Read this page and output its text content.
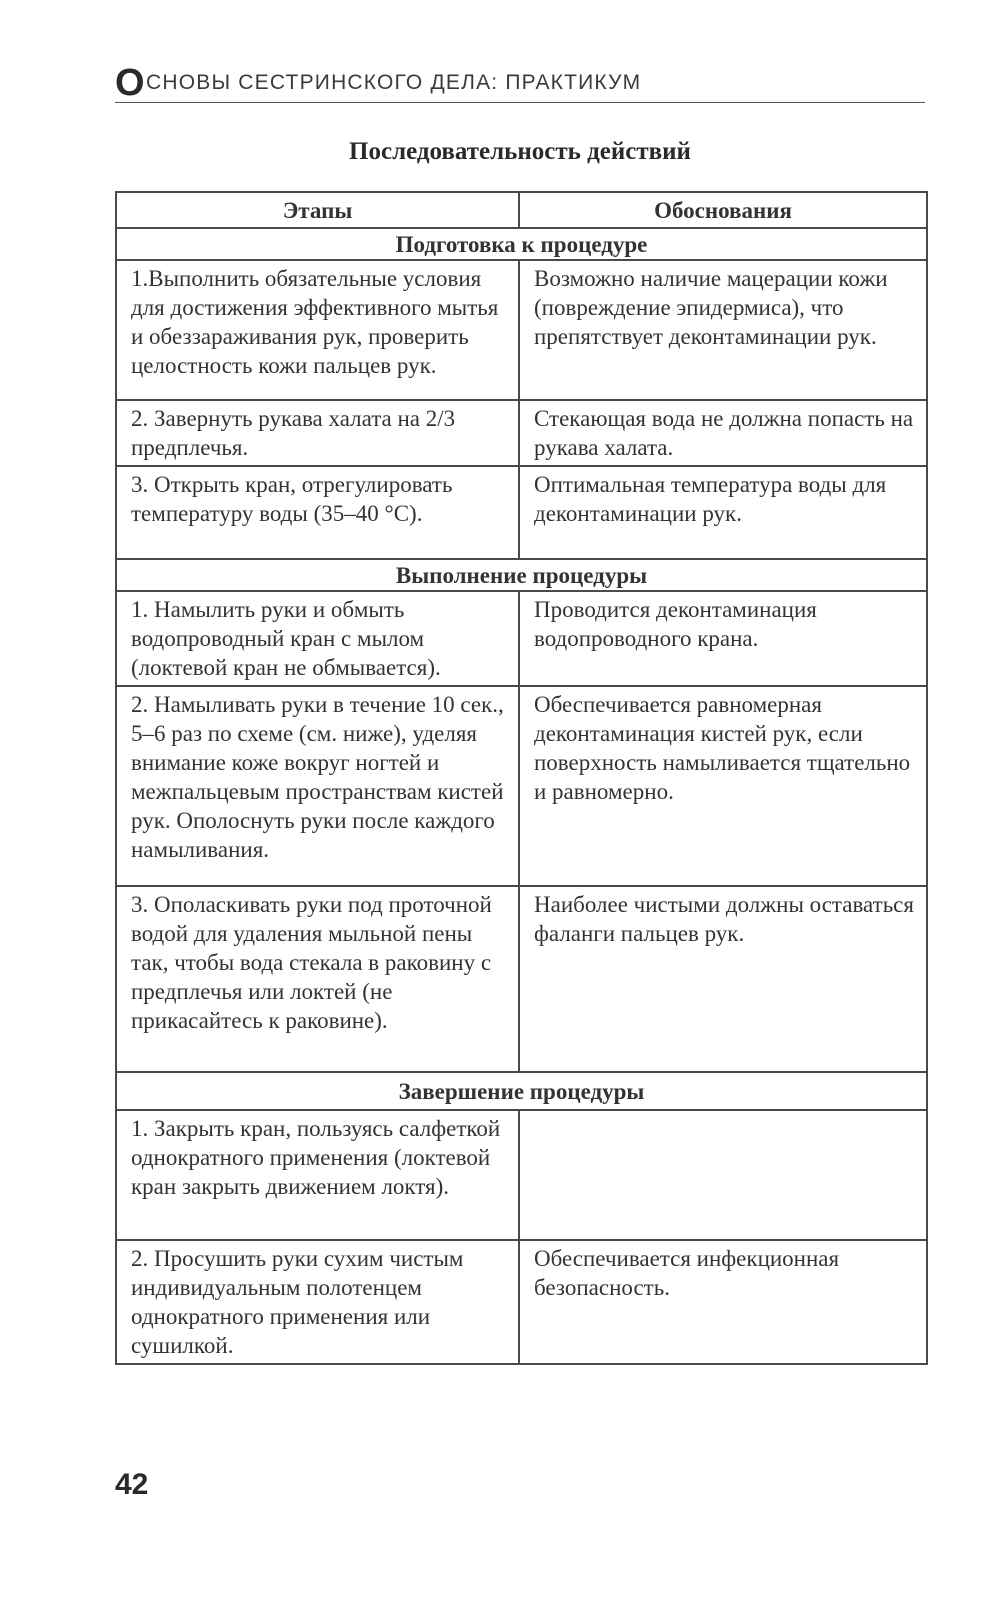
О СНОВЫ СЕСТРИНСКОГО ДЕЛА: ПРАКТИКУМ
Последовательность действий
Этапы	Обоснования
Подготовка к процедуре	
1.Выполнить обязательные условия для достижения эффективного мытья и обеззараживания рук, проверить целостность кожи пальцев рук.	Возможно наличие мацерации кожи (повреждение эпидермиса), что препятствует деконтаминации рук.
2. Завернуть рукава халата на 2/3 предплечья.	Стекающая вода не должна попасть на рукава халата.
3. Открыть кран, отрегулировать температуру воды (35–40 °С).	Оптимальная температура воды для деконтаминации рук.
Выполнение процедуры	
1. Намылить руки и обмыть водопроводный кран с мылом (локтевой кран не обмывается).	Проводится деконтаминация водопроводного крана.
2. Намыливать руки в течение 10 сек., 5–6 раз по схеме (см. ниже), уделяя внимание коже вокруг ногтей и межпальцевым пространствам кистей рук. Ополоснуть руки после каждого намыливания.	Обеспечивается равномерная деконтаминация кистей рук, если поверхность намыливается тщательно и равномерно.
3. Ополаскивать руки под проточной водой для удаления мыльной пены так, чтобы вода стекала в раковину с предплечья или локтей (не прикасайтесь к раковине).	Наиболее чистыми должны оставаться фаланги пальцев рук.
Завершение процедуры	
1. Закрыть кран, пользуясь салфеткой однократного применения (локтевой кран закрыть движением локтя).	
2. Просушить руки сухим чистым индивидуальным полотенцем однократного применения или сушилкой.	Обеспечивается инфекционная безопасность.
42
